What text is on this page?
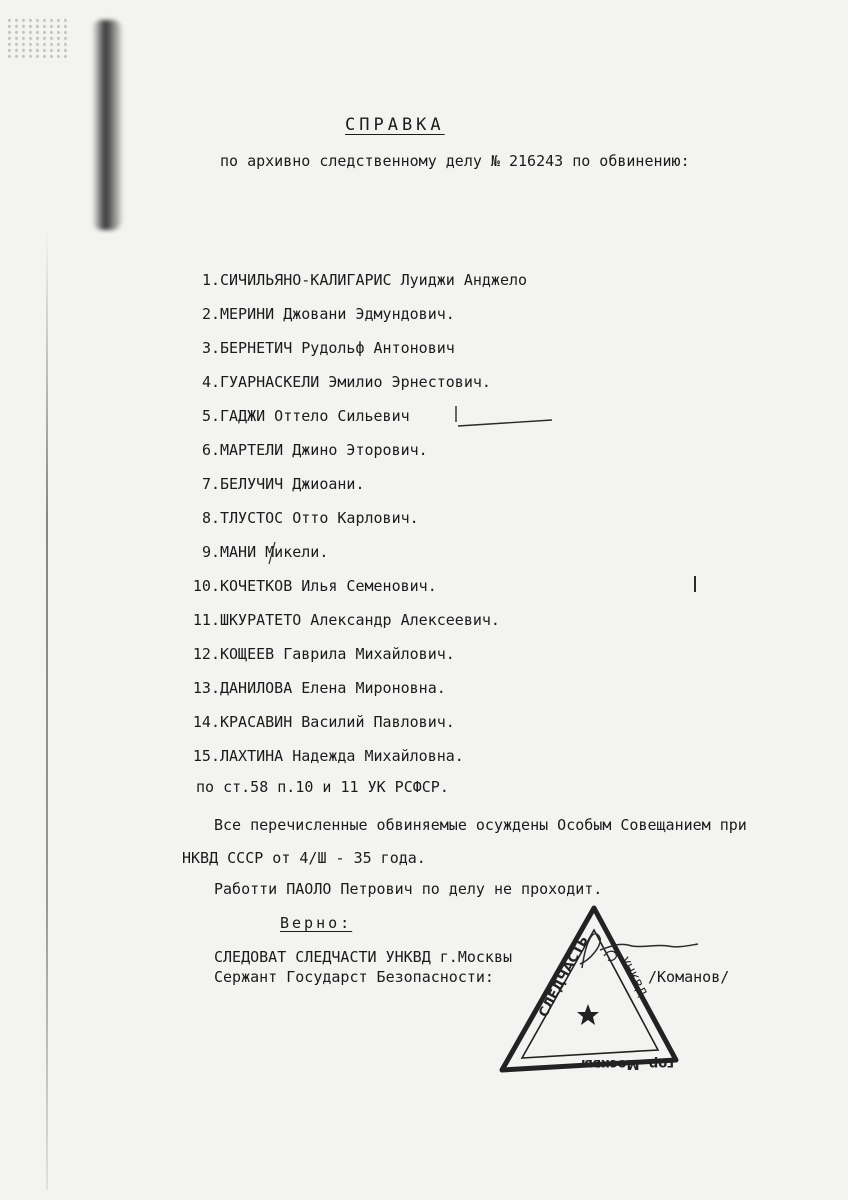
СПРАВКА
по архивно следственному делу № 216243 по обвинению:
1. СИЧИЛЬЯНО-КАЛИГАРИС Луиджи Анджело
2. МЕРИНИ Джовани Эдмундович.
3. БЕРНЕТИЧ Рудольф Антонович
4. ГУАРНАСКЕЛИ Эмилио Эрнестович.
5. ГАДЖИ Оттело Сильевич
6. МАРТЕЛИ Джино Эторович.
7. БЕЛУЧИЧ Джиоани.
8. ТЛУСТОС Отто Карлович.
9. МАНИ Микели.
10. КОЧЕТКОВ Илья Семенович.
11. ШКУРАТЕТО Александр Алексеевич.
12. КОЩЕЕВ Гаврила Михайлович.
13. ДАНИЛОВА Елена Мироновна.
14. КРАСАВИН Василий Павлович.
15. ЛАХТИНА Надежда Михайловна.
по ст.58 п.10 и 11 УК РСФСР.
Все перечисленные обвиняемые осуждены Особым Совещанием при
НКВД СССР от 4/Ш - 35 года.
Работти ПАОЛО Петрович по делу не проходит.
Верно:
СЛЕДОВАТ СЛЕДЧАСТИ УНКВД г.Москвы
Сержант Государст Безопасности:	/Команов/
СЛЕДЧАСТЬ УНКВД
гор. Москвы
